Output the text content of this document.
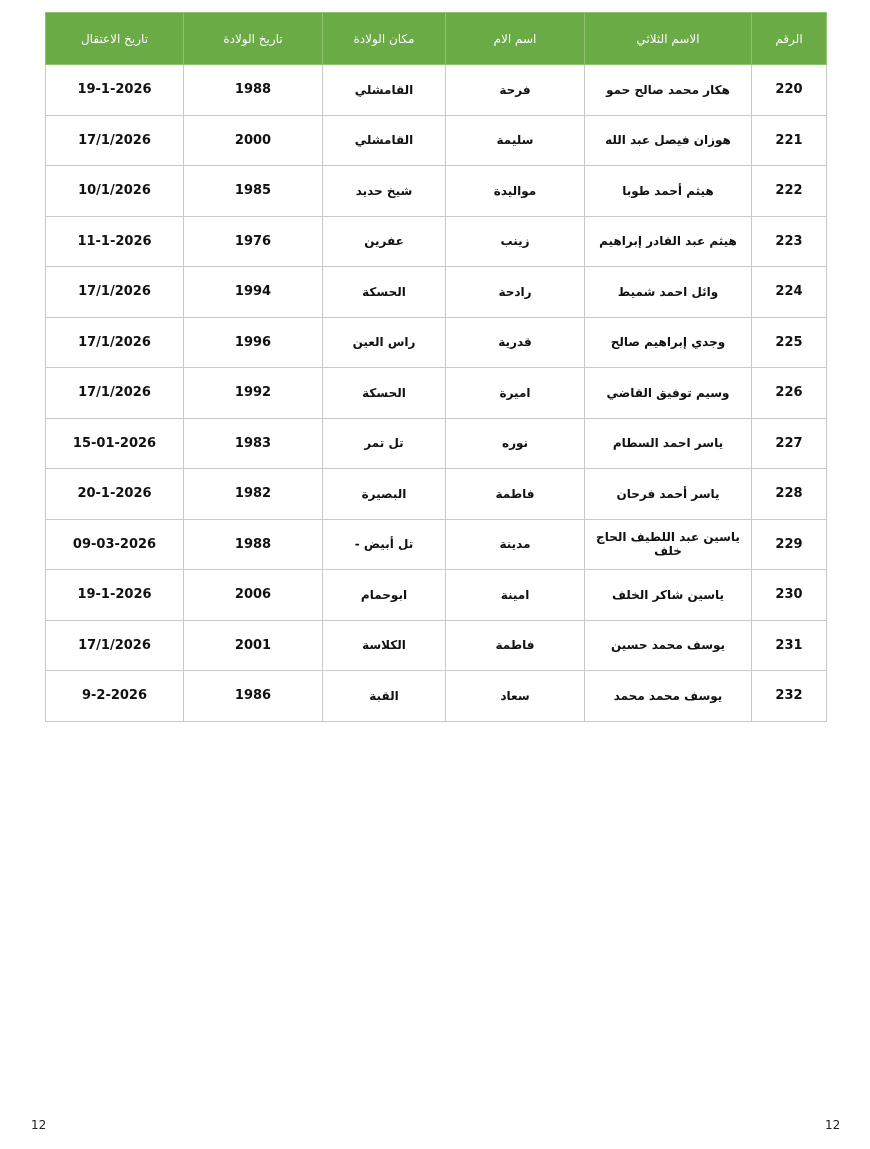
الرقم	الاسم الثلاثي	اسم الام	مكان الولادة	تاريخ الولادة	تاريخ الاعتقال
220	هكار محمد صالح حمو	فرحة	القامشلي	1988	19-1-2026
221	هوزان فيصل عبد الله	سليمة	القامشلي	2000	17/1/2026
222	هيثم أحمد طوبا	مواليدة	شيخ حديد	1985	10/1/2026
223	هيثم عبد القادر إبراهيم	زينب	عفرين	1976	11-1-2026
224	وائل احمد شميط	رادحة	الحسكة	1994	17/1/2026
225	وجدي إبراهيم صالح	قدرية	راس العين	1996	17/1/2026
226	وسيم توفيق القاضي	اميرة	الحسكة	1992	17/1/2026
227	ياسر احمد السطام	نوره	تل تمر	1983	15-01-2026
228	ياسر أحمد فرحان	فاطمة	البصيرة	1982	20-1-2026
229	ياسين عبد اللطيف الحاج خلف	مدينة	تل أبيض -	1988	09-03-2026
230	ياسين شاكر الخلف	امينة	ابوحمام	2006	19-1-2026
231	يوسف محمد حسين	فاطمة	الكلاسة	2001	17/1/2026
232	يوسف محمد محمد	سعاد	القبة	1986	9-2-2026
12	12
